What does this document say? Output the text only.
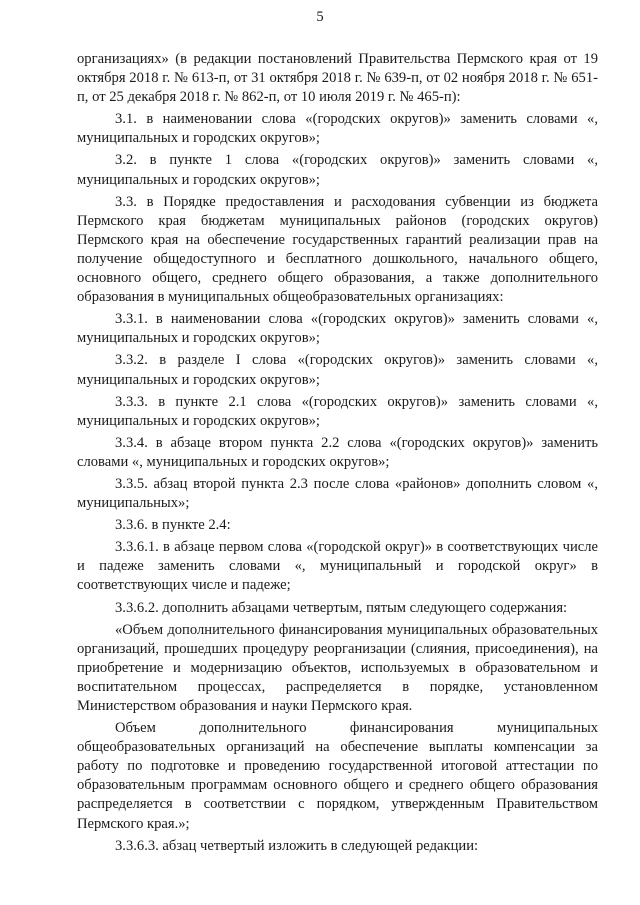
5

организациях» (в редакции постановлений Правительства Пермского края от 19 октября 2018 г. № 613-п, от 31 октября 2018 г. № 639-п, от 02 ноября 2018 г. № 651-п, от 25 декабря 2018 г. № 862-п, от 10 июля 2019 г. № 465-п):

3.1. в наименовании слова «(городских округов)» заменить словами «, муниципальных и городских округов»;

3.2. в пункте 1 слова «(городских округов)» заменить словами «, муниципальных и городских округов»;

3.3. в Порядке предоставления и расходования субвенции из бюджета Пермского края бюджетам муниципальных районов (городских округов) Пермского края на обеспечение государственных гарантий реализации прав на получение общедоступного и бесплатного дошкольного, начального общего, основного общего, среднего общего образования, а также дополнительного образования в муниципальных общеобразовательных организациях:

3.3.1. в наименовании слова «(городских округов)» заменить словами «, муниципальных и городских округов»;

3.3.2. в разделе I слова «(городских округов)» заменить словами «, муниципальных и городских округов»;

3.3.3. в пункте 2.1 слова «(городских округов)» заменить словами «, муниципальных и городских округов»;

3.3.4. в абзаце втором пункта 2.2 слова «(городских округов)» заменить словами «, муниципальных и городских округов»;

3.3.5. абзац второй пункта 2.3 после слова «районов» дополнить словом «, муниципальных»;

3.3.6. в пункте 2.4:

3.3.6.1. в абзаце первом слова «(городской округ)» в соответствующих числе и падеже заменить словами «, муниципальный и городской округ» в соответствующих числе и падеже;

3.3.6.2. дополнить абзацами четвертым, пятым следующего содержания:

«Объем дополнительного финансирования муниципальных образовательных организаций, прошедших процедуру реорганизации (слияния, присоединения), на приобретение и модернизацию объектов, используемых в образовательном и воспитательном процессах, распределяется в порядке, установленном Министерством образования и науки Пермского края.

Объем дополнительного финансирования муниципальных общеобразовательных организаций на обеспечение выплаты компенсации за работу по подготовке и проведению государственной итоговой аттестации по образовательным программам основного общего и среднего общего образования распределяется в соответствии с порядком, утвержденным Правительством Пермского края.»;

3.3.6.3. абзац четвертый изложить в следующей редакции:
